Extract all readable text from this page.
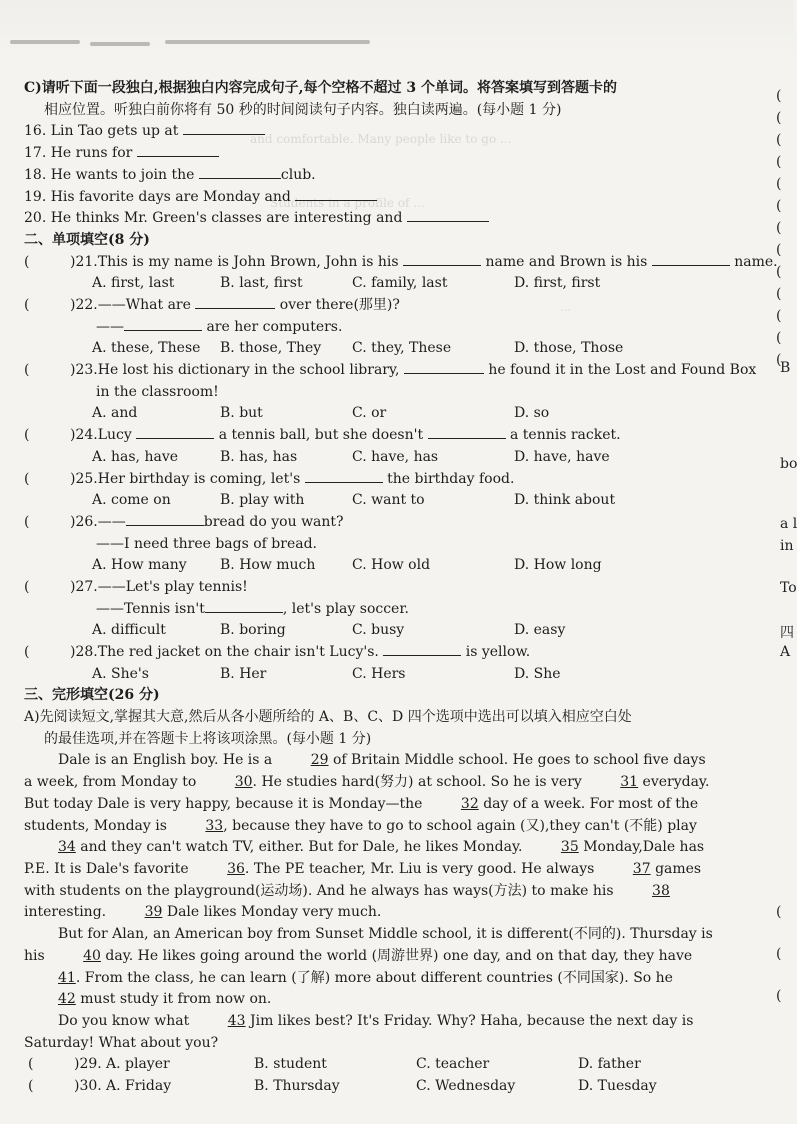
and comfortable. Many people like to go ...
Students in a profile of ...
...
C)请听下面一段独白,根据独白内容完成句子,每个空格不超过 3 个单词。将答案填写到答题卡的
相应位置。听独白前你将有 50 秒的时间阅读句子内容。独白读两遍。(每小题 1 分)
16. Lin Tao gets up at
17. He runs for
18. He wants to join the	club.
19. His favorite days are Monday and
20. He thinks Mr. Green's classes are interesting and
二、单项填空(8 分)
(	)21.This is my name is John Brown, John is his	name and Brown is his	name.
A. first, last	B. last, first	C. family, last	D. first, first
(	)22.——What are	over there(那里)?
——	are her computers.
A. these, These B. those, They C. they, These	D. those, Those
(	)23.He lost his dictionary in the school library,	he found it in the Lost and Found Box
in the classroom!
A. and	B. but	C. or	D. so
(	)24.Lucy	a tennis ball, but she doesn't	a tennis racket.
A. has, have	B. has, has	C. have, has	D. have, have
(	)25.Her birthday is coming, let's	the birthday food.
A. come on	B. play with	C. want to	D. think about
(	)26.——	bread do you want?
——I need three bags of bread.
A. How many B. How much	C. How old	D. How long
(	)27.——Let's play tennis!
——Tennis isn't	, let's play soccer.
A. difficult	B. boring	C. busy	D. easy
(	)28.The red jacket on the chair isn't Lucy's.	is yellow.
A. She's	B. Her	C. Hers	D. She
三、完形填空(26 分)
A)先阅读短文,掌握其大意,然后从各小题所给的 A、B、C、D 四个选项中选出可以填入相应空白处
的最佳选项,并在答题卡上将该项涂黑。(每小题 1 分)
Dale is an English boy. He is a	29 of Britain Middle school. He goes to school five days a week, from Monday to	30. He studies hard(努力) at school. So he is very	31 everyday. But today Dale is very happy, because it is Monday—the	32 day of a week. For most of the students, Monday is	33, because they have to go to school again (又),they can't (不能) play 34 and they can't watch TV, either. But for Dale, he likes Monday.	35 Monday,Dale has P.E. It is Dale's favorite	36. The PE teacher, Mr. Liu is very good. He always	37 games with students on the playground(运动场). And he always has ways(方法) to make his	38 interesting.	39 Dale likes Monday very much.
But for Alan, an American boy from Sunset Middle school, it is different(不同的). Thursday is his	40 day. He likes going around the world (周游世界) one day, and on that day, they have 41. From the class, he can learn (了解) more about different countries (不同国家). So he 42 must study it from now on.
Do you know what	43 Jim likes best? It's Friday. Why? Haha, because the next day is Saturday! What about you?
(	)29. A. player	B. student	C. teacher	D. father
(	)30. A. Friday	B. Thursday	C. Wednesday	D. Tuesday
(
(
(
(
(
(
(
(
(
(
(
(
(
B
bo
a l
in
To
四
A
(
(
(
